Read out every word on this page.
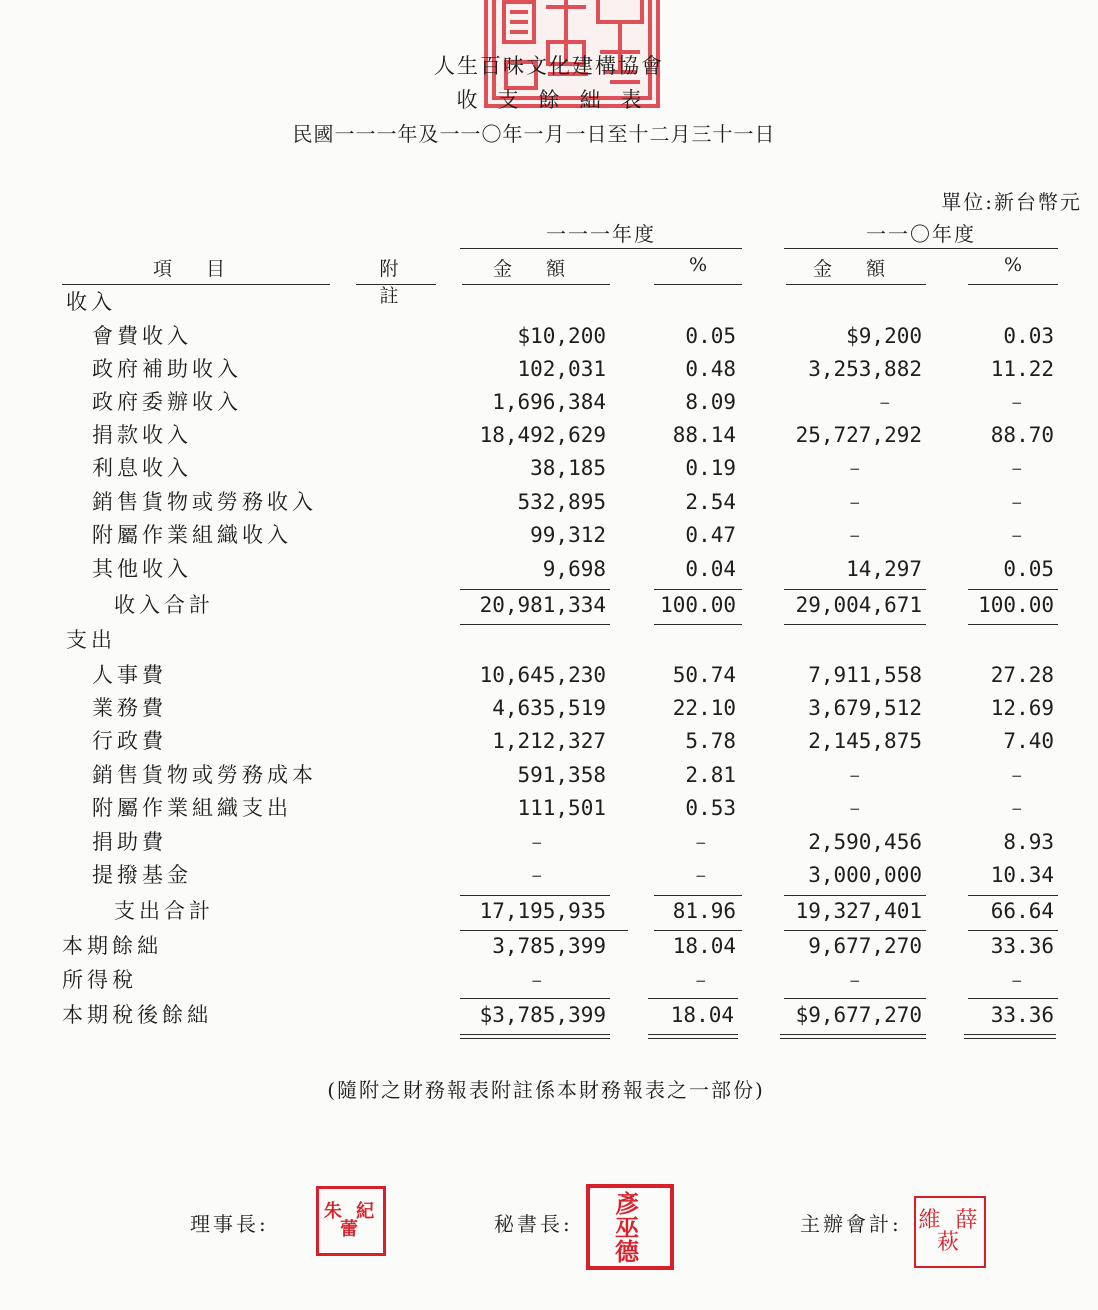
人生百味文化建構協會
收支餘絀表
民國一一一年及一一〇年一月一日至十二月三十一日
單位:新台幣元
一一一年度	一一〇年度
項 目	附 註
金 額	%	金 額	%
收入
會費收入	$10,200	0.05	$9,200	0.03
政府補助收入	102,031	0.48	3,253,882	11.22
政府委辦收入	1,696,384	8.09	–	–
捐款收入	18,492,629	88.14	25,727,292	88.70
利息收入	38,185	0.19	–	–
銷售貨物或勞務收入	532,895	2.54	–	–
附屬作業組織收入	99,312	0.47	–	–
其他收入	9,698	0.04	14,297	0.05
收入合計	20,981,334	100.00	29,004,671	100.00
支出
人事費	10,645,230	50.74	7,911,558	27.28
業務費	4,635,519	22.10	3,679,512	12.69
行政費	1,212,327	5.78	2,145,875	7.40
銷售貨物或勞務成本	591,358	2.81	–	–
附屬作業組織支出	111,501	0.53	–	–
捐助費	–	–	2,590,456	8.93
提撥基金	–	–	3,000,000	10.34
支出合計	17,195,935	81.96	19,327,401	66.64
本期餘絀	3,785,399	18.04	9,677,270	33.36
所得稅	–	–	–	–
本期稅後餘絀	$3,785,399	18.04	$9,677,270	33.36
(隨附之財務報表附註係本財務報表之一部份)
理事長:
朱 紀 蕾	秘書長:
彥 巫 德
主辦會計: 維 薛 萩
